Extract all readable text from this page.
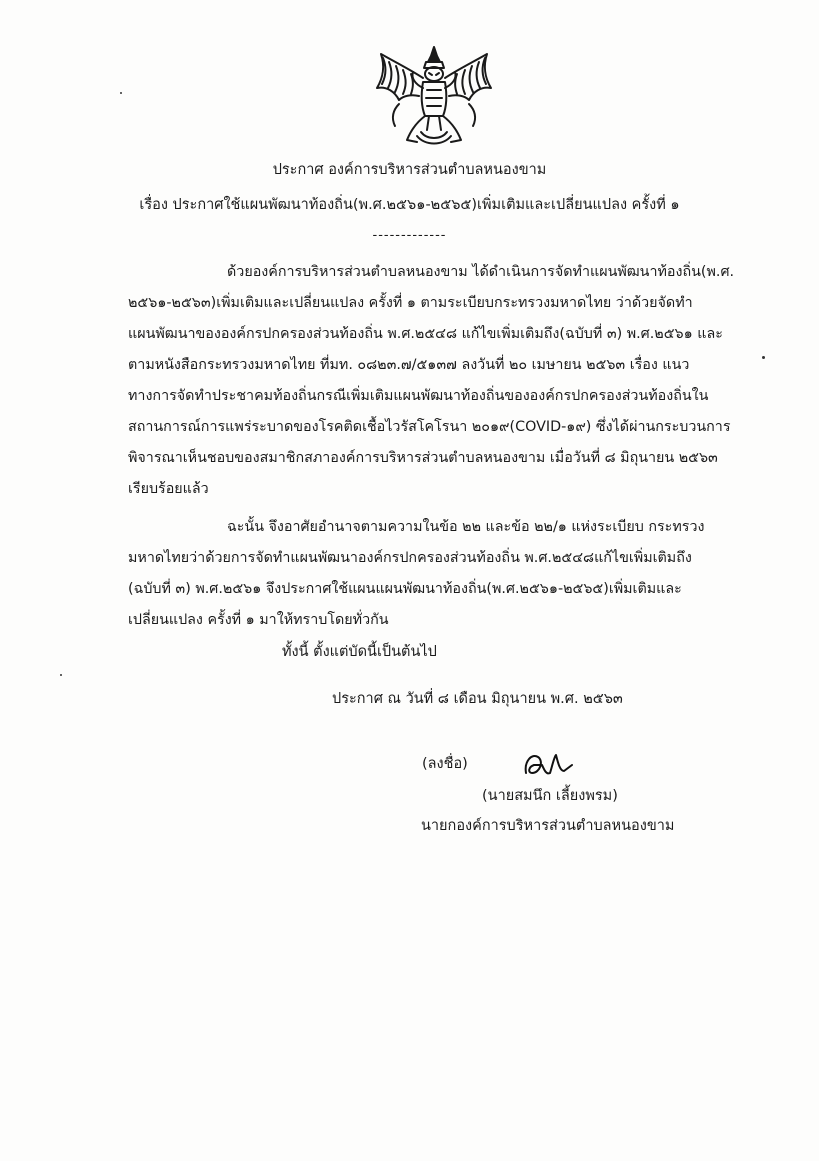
ประกาศ องค์การบริหารส่วนตำบลหนองขาม
เรื่อง ประกาศใช้แผนพัฒนาท้องถิ่น(พ.ศ.๒๕๖๑-๒๕๖๕)เพิ่มเติมและเปลี่ยนแปลง ครั้งที่ ๑
-------------
ด้วยองค์การบริหารส่วนตำบลหนองขาม ได้ดำเนินการจัดทำแผนพัฒนาท้องถิ่น(พ.ศ.
๒๕๖๑-๒๕๖๓)เพิ่มเติมและเปลี่ยนแปลง ครั้งที่ ๑ ตามระเบียบกระทรวงมหาดไทย ว่าด้วยจัดทำ
แผนพัฒนาขององค์กรปกครองส่วนท้องถิ่น พ.ศ.๒๕๔๘ แก้ไขเพิ่มเติมถึง(ฉบับที่ ๓) พ.ศ.๒๕๖๑ และ
ตามหนังสือกระทรวงมหาดไทย ที่มท. ๐๘๒๓.๗/๕๑๓๗ ลงวันที่ ๒๐ เมษายน ๒๕๖๓ เรื่อง แนว
ทางการจัดทำประชาคมท้องถิ่นกรณีเพิ่มเติมแผนพัฒนาท้องถิ่นขององค์กรปกครองส่วนท้องถิ่นใน
สถานการณ์การแพร่ระบาดของโรคติดเชื้อไวรัสโคโรนา ๒๐๑๙(COVID-๑๙) ซึ่งได้ผ่านกระบวนการ
พิจารณาเห็นชอบของสมาชิกสภาองค์การบริหารส่วนตำบลหนองขาม เมื่อวันที่ ๘ มิถุนายน ๒๕๖๓
เรียบร้อยแล้ว
ฉะนั้น จึงอาศัยอำนาจตามความในข้อ ๒๒ และข้อ ๒๒/๑ แห่งระเบียบ กระทรวง
มหาดไทยว่าด้วยการจัดทำแผนพัฒนาองค์กรปกครองส่วนท้องถิ่น พ.ศ.๒๕๔๘แก้ไขเพิ่มเติมถึง
(ฉบับที่ ๓) พ.ศ.๒๕๖๑ จึงประกาศใช้แผนแผนพัฒนาท้องถิ่น(พ.ศ.๒๕๖๑-๒๕๖๕)เพิ่มเติมและ
เปลี่ยนแปลง ครั้งที่ ๑ มาให้ทราบโดยทั่วกัน
ทั้งนี้ ตั้งแต่บัดนี้เป็นต้นไป
ประกาศ ณ วันที่ ๘ เดือน มิถุนายน พ.ศ. ๒๕๖๓
(ลงชื่อ)
(นายสมนึก เลี้ยงพรม)
นายกองค์การบริหารส่วนตำบลหนองขาม
